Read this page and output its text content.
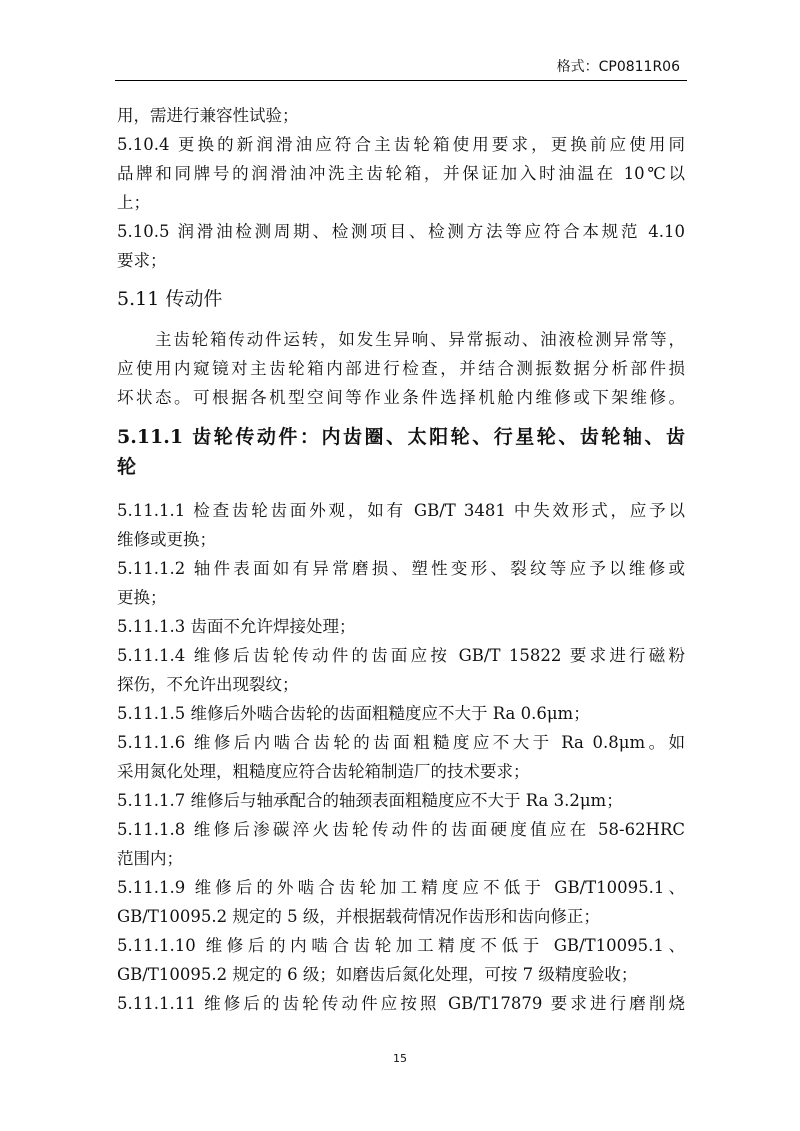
格式：CP0811R06
用，需进行兼容性试验；
5.10.4 更换的新润滑油应符合主齿轮箱使用要求，更换前应使用同
品牌和同牌号的润滑油冲洗主齿轮箱，并保证加入时油温在 10℃以
上；
5.10.5 润滑油检测周期、检测项目、检测方法等应符合本规范 4.10
要求；
5.11 传动件
主齿轮箱传动件运转，如发生异响、异常振动、油液检测异常等，
应使用内窥镜对主齿轮箱内部进行检查，并结合测振数据分析部件损
坏状态。可根据各机型空间等作业条件选择机舱内维修或下架维修。
5.11.1 齿轮传动件：内齿圈、太阳轮、行星轮、齿轮轴、齿
轮
5.11.1.1 检查齿轮齿面外观，如有 GB/T 3481 中失效形式，应予以
维修或更换；
5.11.1.2 轴件表面如有异常磨损、塑性变形、裂纹等应予以维修或
更换；
5.11.1.3 齿面不允许焊接处理；
5.11.1.4 维修后齿轮传动件的齿面应按 GB/T 15822 要求进行磁粉
探伤，不允许出现裂纹；
5.11.1.5 维修后外啮合齿轮的齿面粗糙度应不大于 Ra 0.6μm；
5.11.1.6 维修后内啮合齿轮的齿面粗糙度应不大于 Ra 0.8μm。如
采用氮化处理，粗糙度应符合齿轮箱制造厂的技术要求；
5.11.1.7 维修后与轴承配合的轴颈表面粗糙度应不大于 Ra 3.2μm；
5.11.1.8 维修后渗碳淬火齿轮传动件的齿面硬度值应在 58-62HRC
范围内；
5.11.1.9 维修后的外啮合齿轮加工精度应不低于 GB/T10095.1、
GB/T10095.2 规定的 5 级，并根据载荷情况作齿形和齿向修正；
5.11.1.10 维修后的内啮合齿轮加工精度不低于 GB/T10095.1、
GB/T10095.2 规定的 6 级；如磨齿后氮化处理，可按 7 级精度验收；
5.11.1.11 维修后的齿轮传动件应按照 GB/T17879 要求进行磨削烧
15
